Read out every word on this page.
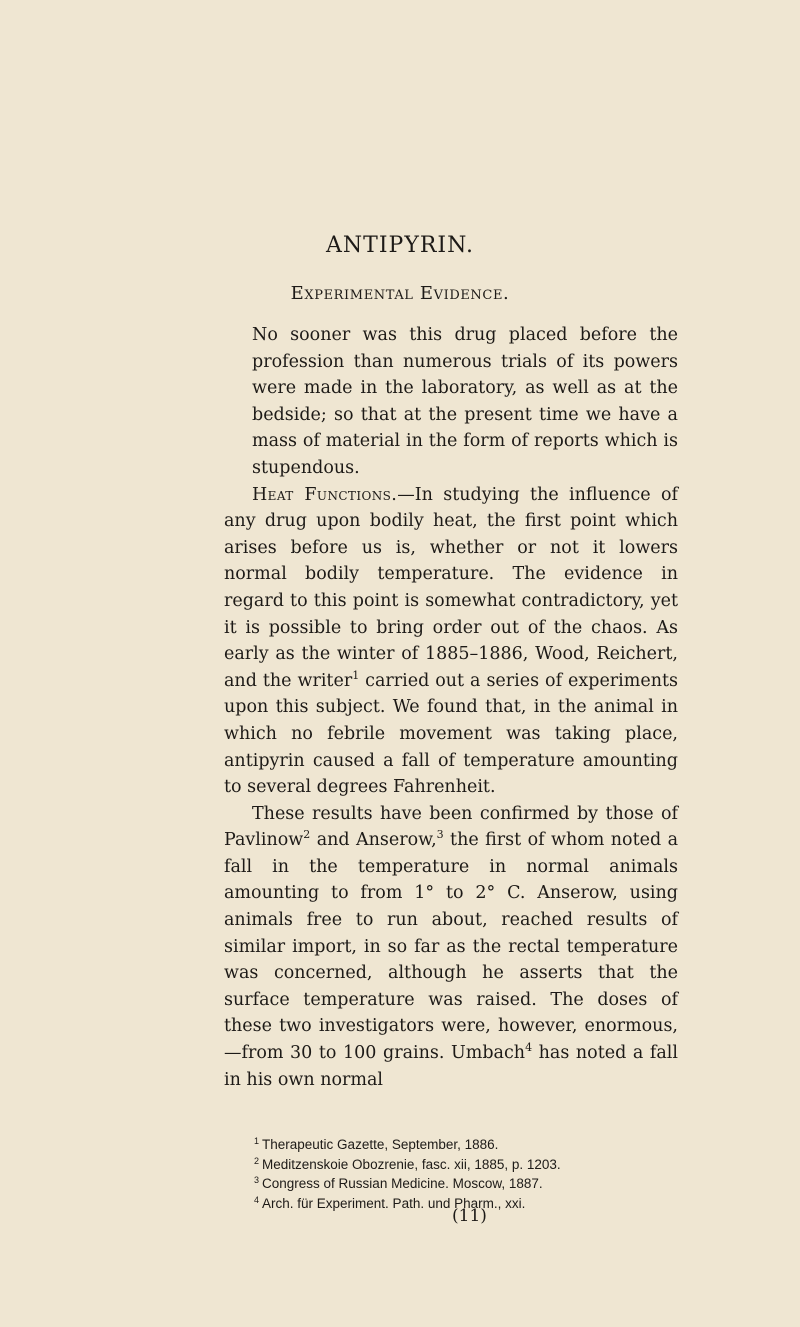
ANTIPYRIN.
Experimental Evidence.

No sooner was this drug placed before the profession than numerous trials of its powers were made in the laboratory, as well as at the bedside; so that at the present time we have a mass of material in the form of reports which is stupendous.

Heat Functions.—In studying the influence of any drug upon bodily heat, the first point which arises before us is, whether or not it lowers normal bodily temperature. The evidence in regard to this point is somewhat contradictory, yet it is possible to bring order out of the chaos. As early as the winter of 1885–1886, Wood, Reichert, and the writer$^1$ carried out a series of experiments upon this subject. We found that, in the animal in which no febrile movement was taking place, antipyrin caused a fall of temperature amounting to several degrees Fahrenheit.

These results have been confirmed by those of Pavlinow$^2$ and Anserow,$^3$ the first of whom noted a fall in the temperature in normal animals amounting to from 1° to 2° C. Anserow, using animals free to run about, reached results of similar import, in so far as the rectal temperature was concerned, although he asserts that the surface temperature was raised. The doses of these two investigators were, however, enormous,—from 30 to 100 grains. Umbach$^4$ has noted a fall in his own normal

$^1$ Therapeutic Gazette, September, 1886.
$^2$ Meditzenskoie Obozrenie, fasc. xii, 1885, p. 1203.
$^3$ Congress of Russian Medicine. Moscow, 1887.
$^4$ Arch. für Experiment. Path. und Pharm., xxi.
(11)
